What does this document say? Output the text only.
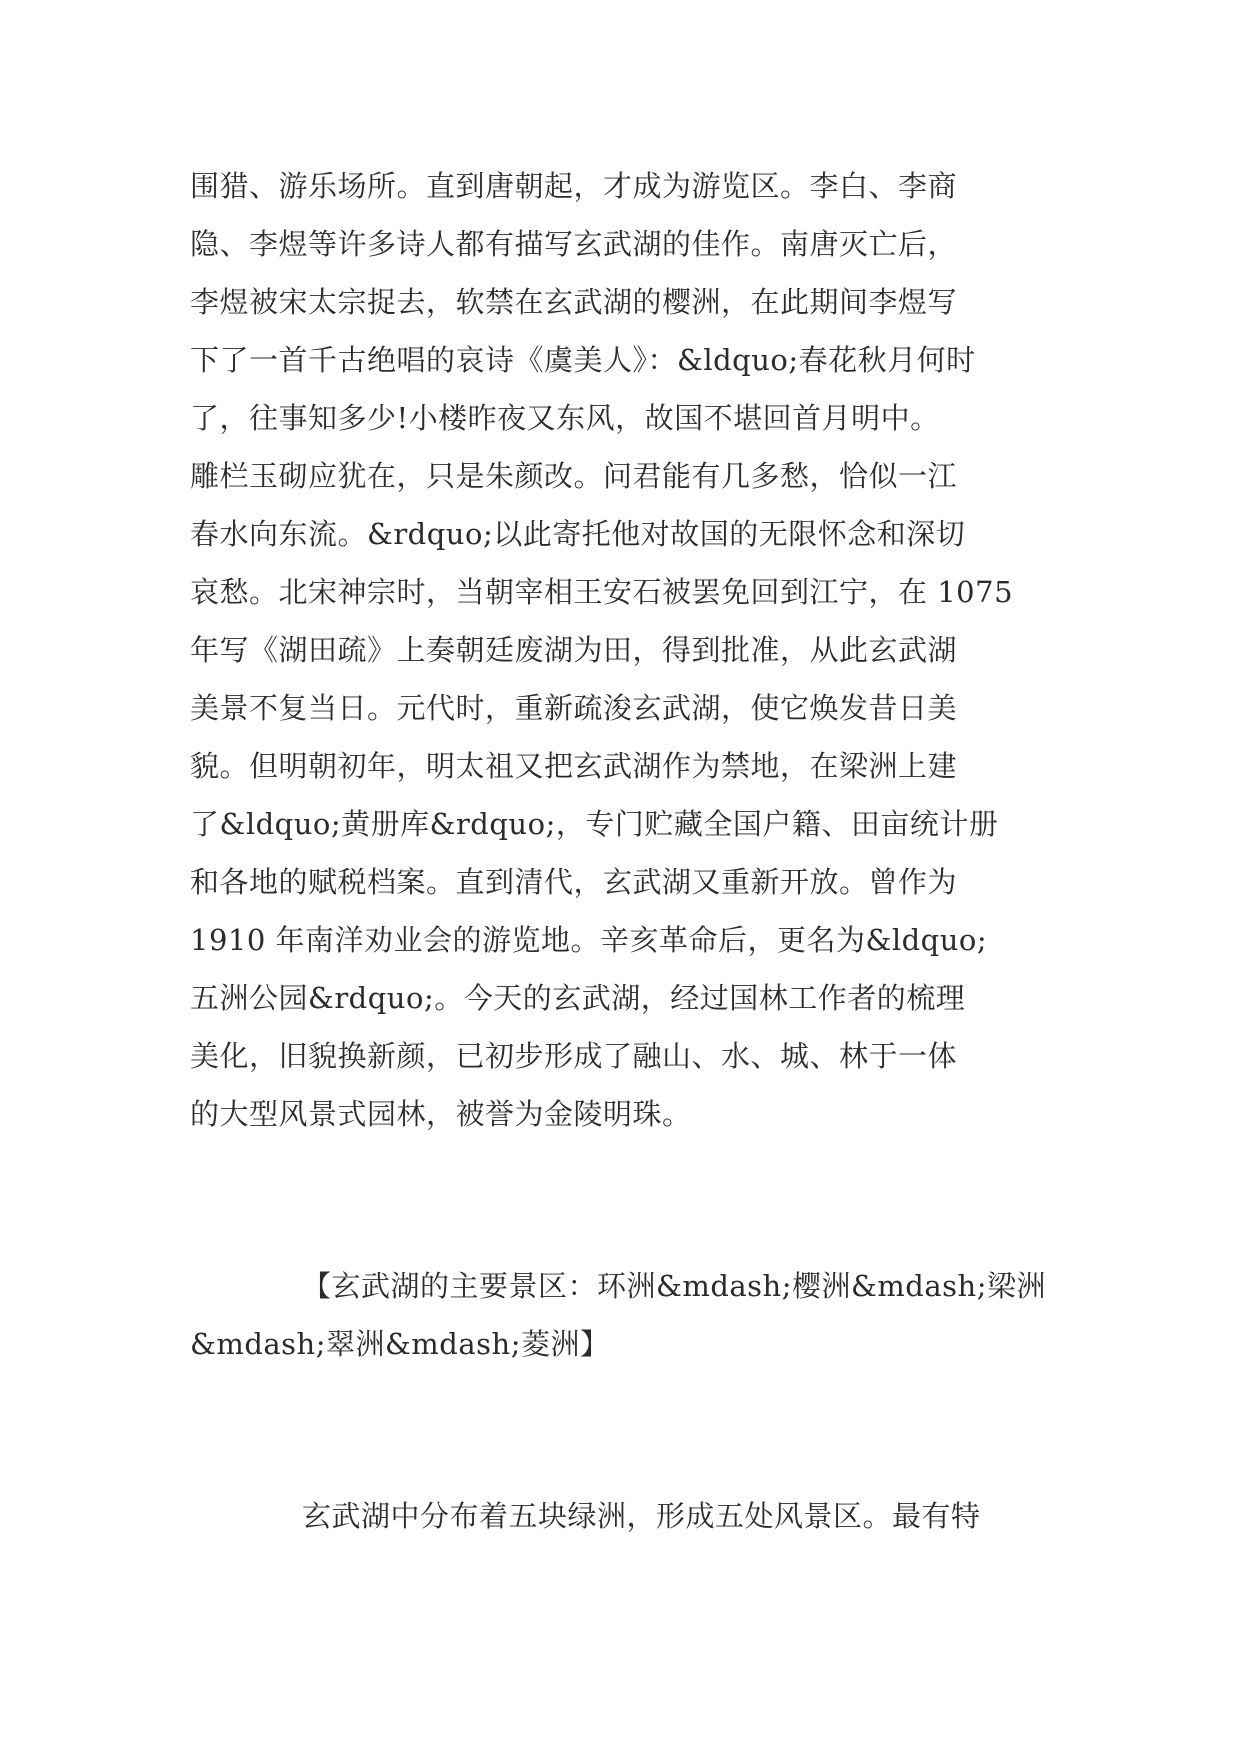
围猎、游乐场所。直到唐朝起，才成为游览区。李白、李商
隐、李煜等许多诗人都有描写玄武湖的佳作。南唐灭亡后，
李煜被宋太宗捉去，软禁在玄武湖的樱洲，在此期间李煜写
下了一首千古绝唱的哀诗《虞美人》：&ldquo;春花秋月何时
了，往事知多少!小楼昨夜又东风，故国不堪回首月明中。
雕栏玉砌应犹在，只是朱颜改。问君能有几多愁，恰似一江
春水向东流。&rdquo;以此寄托他对故国的无限怀念和深切
哀愁。北宋神宗时，当朝宰相王安石被罢免回到江宁，在 1075
年写《湖田疏》上奏朝廷废湖为田，得到批准，从此玄武湖
美景不复当日。元代时，重新疏浚玄武湖，使它焕发昔日美
貌。但明朝初年，明太祖又把玄武湖作为禁地，在梁洲上建
了&ldquo;黄册库&rdquo;，专门贮藏全国户籍、田亩统计册
和各地的赋税档案。直到清代，玄武湖又重新开放。曾作为
1910 年南洋劝业会的游览地。辛亥革命后，更名为&ldquo;
五洲公园&rdquo;。今天的玄武湖，经过国林工作者的梳理
美化，旧貌换新颜，已初步形成了融山、水、城、林于一体
的大型风景式园林，被誉为金陵明珠。
【玄武湖的主要景区：环洲&mdash;樱洲&mdash;梁洲
&mdash;翠洲&mdash;菱洲】
玄武湖中分布着五块绿洲，形成五处风景区。最有特
